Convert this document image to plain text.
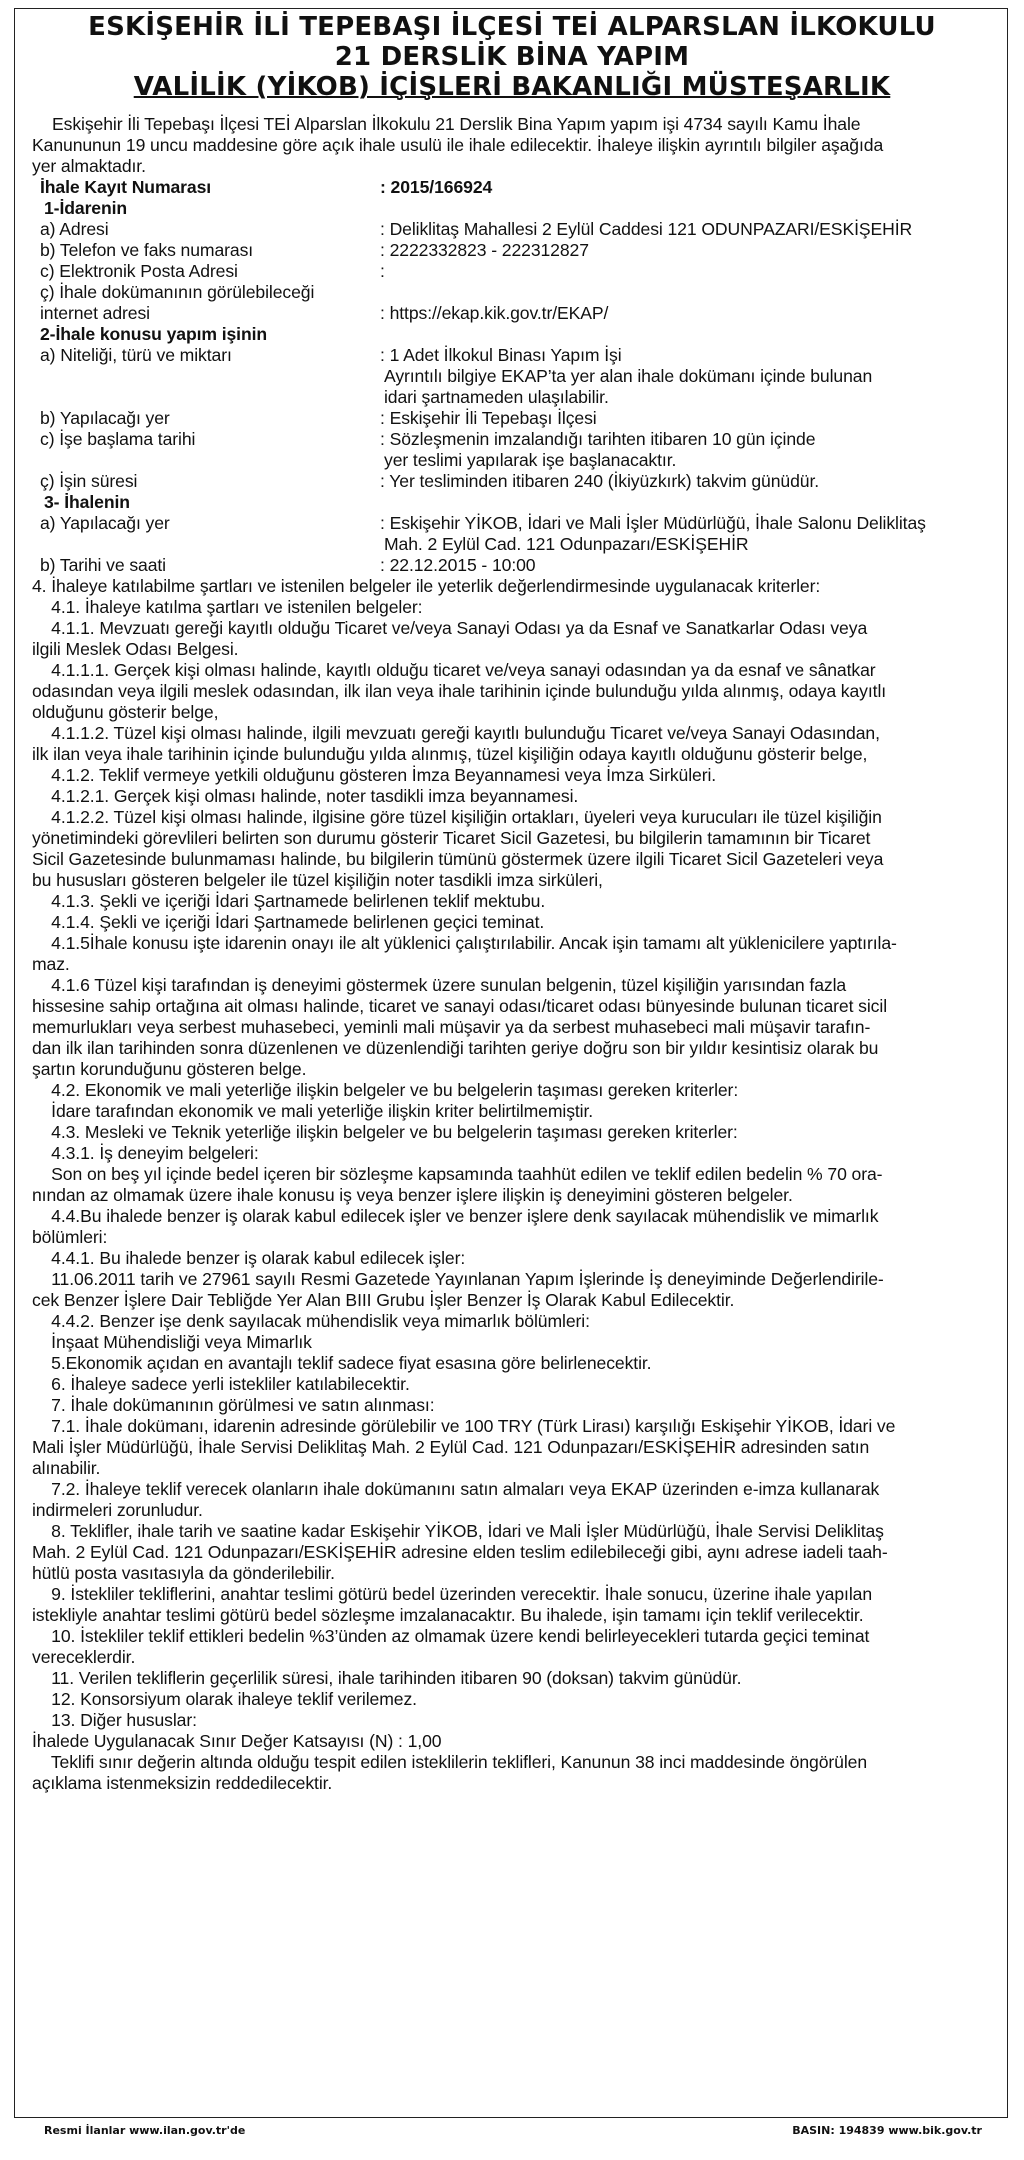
ESKİŞEHİR İLİ TEPEBAŞI İLÇESİ TEİ ALPARSLAN İLKOKULU
21 DERSLİK BİNA YAPIM
VALİLİK (YİKOB) İÇİŞLERİ BAKANLIĞI MÜSTEŞARLIK
Eskişehir İli Tepebaşı İlçesi TEİ Alparslan İlkokulu 21 Derslik Bina Yapım yapım işi 4734 sayılı Kamu İhale
Kanununun 19 uncu maddesine göre açık ihale usulü ile ihale edilecektir. İhaleye ilişkin ayrıntılı bilgiler aşağıda
yer almaktadır.
İhale Kayıt Numarası	: 2015/166924
1-İdarenin
a) Adresi	: Deliklitaş Mahallesi 2 Eylül Caddesi 121 ODUNPAZARI/ESKİŞEHİR
b) Telefon ve faks numarası	: 2222332823 - 222312827
c) Elektronik Posta Adresi	:
ç) İhale dokümanının görülebileceği
internet adresi	: https://ekap.kik.gov.tr/EKAP/
2-İhale konusu yapım işinin
a) Niteliği, türü ve miktarı	: 1 Adet İlkokul Binası Yapım İşi
Ayrıntılı bilgiye EKAP’ta yer alan ihale dokümanı içinde bulunan
idari şartnameden ulaşılabilir.
b) Yapılacağı yer	: Eskişehir İli Tepebaşı İlçesi
c) İşe başlama tarihi	: Sözleşmenin imzalandığı tarihten itibaren 10 gün içinde
yer teslimi yapılarak işe başlanacaktır.
ç) İşin süresi	: Yer tesliminden itibaren 240 (İkiyüzkırk) takvim günüdür.
3- İhalenin
a) Yapılacağı yer	: Eskişehir YİKOB, İdari ve Mali İşler Müdürlüğü, İhale Salonu Deliklitaş
Mah. 2 Eylül Cad. 121 Odunpazarı/ESKİŞEHİR
b) Tarihi ve saati	: 22.12.2015 - 10:00
4. İhaleye katılabilme şartları ve istenilen belgeler ile yeterlik değerlendirmesinde uygulanacak kriterler:
4.1. İhaleye katılma şartları ve istenilen belgeler:
4.1.1. Mevzuatı gereği kayıtlı olduğu Ticaret ve/veya Sanayi Odası ya da Esnaf ve Sanatkarlar Odası veya
ilgili Meslek Odası Belgesi.
4.1.1.1. Gerçek kişi olması halinde, kayıtlı olduğu ticaret ve/veya sanayi odasından ya da esnaf ve sânatkar
odasından veya ilgili meslek odasından, ilk ilan veya ihale tarihinin içinde bulunduğu yılda alınmış, odaya kayıtlı
olduğunu gösterir belge,
4.1.1.2. Tüzel kişi olması halinde, ilgili mevzuatı gereği kayıtlı bulunduğu Ticaret ve/veya Sanayi Odasından,
ilk ilan veya ihale tarihinin içinde bulunduğu yılda alınmış, tüzel kişiliğin odaya kayıtlı olduğunu gösterir belge,
4.1.2. Teklif vermeye yetkili olduğunu gösteren İmza Beyannamesi veya İmza Sirküleri.
4.1.2.1. Gerçek kişi olması halinde, noter tasdikli imza beyannamesi.
4.1.2.2. Tüzel kişi olması halinde, ilgisine göre tüzel kişiliğin ortakları, üyeleri veya kurucuları ile tüzel kişiliğin
yönetimindeki görevlileri belirten son durumu gösterir Ticaret Sicil Gazetesi, bu bilgilerin tamamının bir Ticaret
Sicil Gazetesinde bulunmaması halinde, bu bilgilerin tümünü göstermek üzere ilgili Ticaret Sicil Gazeteleri veya
bu hususları gösteren belgeler ile tüzel kişiliğin noter tasdikli imza sirküleri,
4.1.3. Şekli ve içeriği İdari Şartnamede belirlenen teklif mektubu.
4.1.4. Şekli ve içeriği İdari Şartnamede belirlenen geçici teminat.
4.1.5İhale konusu işte idarenin onayı ile alt yüklenici çalıştırılabilir. Ancak işin tamamı alt yüklenicilere yaptırıla-
maz.
4.1.6 Tüzel kişi tarafından iş deneyimi göstermek üzere sunulan belgenin, tüzel kişiliğin yarısından fazla
hissesine sahip ortağına ait olması halinde, ticaret ve sanayi odası/ticaret odası bünyesinde bulunan ticaret sicil
memurlukları veya serbest muhasebeci, yeminli mali müşavir ya da serbest muhasebeci mali müşavir tarafın-
dan ilk ilan tarihinden sonra düzenlenen ve düzenlendiği tarihten geriye doğru son bir yıldır kesintisiz olarak bu
şartın korunduğunu gösteren belge.
4.2. Ekonomik ve mali yeterliğe ilişkin belgeler ve bu belgelerin taşıması gereken kriterler:
İdare tarafından ekonomik ve mali yeterliğe ilişkin kriter belirtilmemiştir.
4.3. Mesleki ve Teknik yeterliğe ilişkin belgeler ve bu belgelerin taşıması gereken kriterler:
4.3.1. İş deneyim belgeleri:
Son on beş yıl içinde bedel içeren bir sözleşme kapsamında taahhüt edilen ve teklif edilen bedelin % 70 ora-
nından az olmamak üzere ihale konusu iş veya benzer işlere ilişkin iş deneyimini gösteren belgeler.
4.4.Bu ihalede benzer iş olarak kabul edilecek işler ve benzer işlere denk sayılacak mühendislik ve mimarlık
bölümleri:
4.4.1. Bu ihalede benzer iş olarak kabul edilecek işler:
11.06.2011 tarih ve 27961 sayılı Resmi Gazetede Yayınlanan Yapım İşlerinde İş deneyiminde Değerlendirile-
cek Benzer İşlere Dair Tebliğde Yer Alan BIII Grubu İşler Benzer İş Olarak Kabul Edilecektir.
4.4.2. Benzer işe denk sayılacak mühendislik veya mimarlık bölümleri:
İnşaat Mühendisliği veya Mimarlık
5.Ekonomik açıdan en avantajlı teklif sadece fiyat esasına göre belirlenecektir.
6. İhaleye sadece yerli istekliler katılabilecektir.
7. İhale dokümanının görülmesi ve satın alınması:
7.1. İhale dokümanı, idarenin adresinde görülebilir ve 100 TRY (Türk Lirası) karşılığı Eskişehir YİKOB, İdari ve
Mali İşler Müdürlüğü, İhale Servisi Deliklitaş Mah. 2 Eylül Cad. 121 Odunpazarı/ESKİŞEHİR adresinden satın
alınabilir.
7.2. İhaleye teklif verecek olanların ihale dokümanını satın almaları veya EKAP üzerinden e-imza kullanarak
indirmeleri zorunludur.
8. Teklifler, ihale tarih ve saatine kadar Eskişehir YİKOB, İdari ve Mali İşler Müdürlüğü, İhale Servisi Deliklitaş
Mah. 2 Eylül Cad. 121 Odunpazarı/ESKİŞEHİR adresine elden teslim edilebileceği gibi, aynı adrese iadeli taah-
hütlü posta vasıtasıyla da gönderilebilir.
9. İstekliler tekliflerini, anahtar teslimi götürü bedel üzerinden verecektir. İhale sonucu, üzerine ihale yapılan
istekliyle anahtar teslimi götürü bedel sözleşme imzalanacaktır. Bu ihalede, işin tamamı için teklif verilecektir.
10. İstekliler teklif ettikleri bedelin %3’ünden az olmamak üzere kendi belirleyecekleri tutarda geçici teminat
vereceklerdir.
11. Verilen tekliflerin geçerlilik süresi, ihale tarihinden itibaren 90 (doksan) takvim günüdür.
12. Konsorsiyum olarak ihaleye teklif verilemez.
13. Diğer hususlar:
İhalede Uygulanacak Sınır Değer Katsayısı (N) : 1,00
Teklifi sınır değerin altında olduğu tespit edilen isteklilerin teklifleri, Kanunun 38 inci maddesinde öngörülen
açıklama istenmeksizin reddedilecektir.
Resmi İlanlar www.ilan.gov.tr'de	BASIN: 194839 www.bik.gov.tr
